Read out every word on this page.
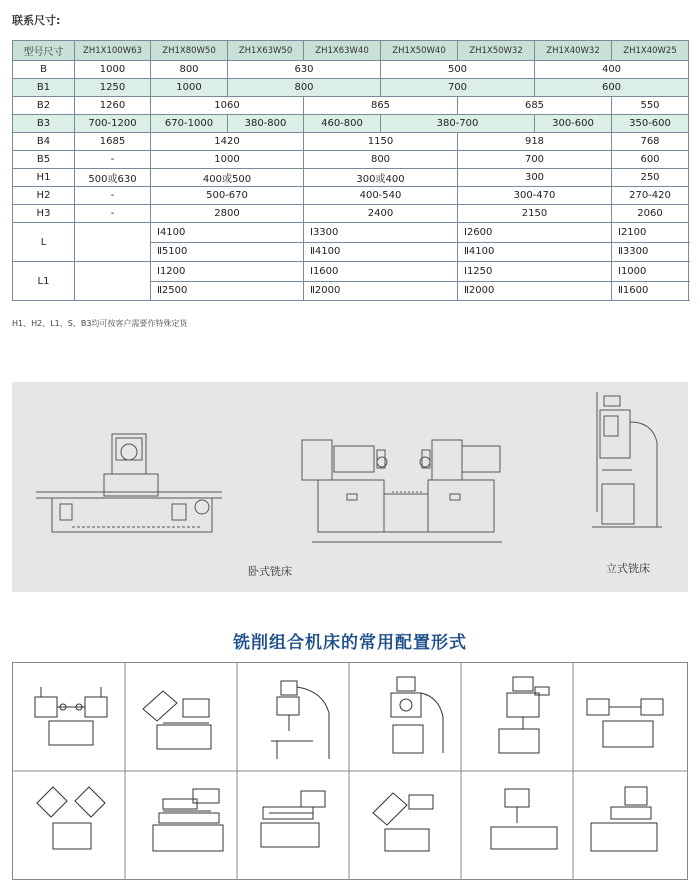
联系尺寸:
型号尺寸	ZH1X100W63	ZH1X80W50	ZH1X63W50	ZH1X63W40	ZH1X50W40	ZH1X50W32	ZH1X40W32	ZH1X40W25
B	1000	800	630		500		400	
B1	1250	1000	800		700		600	
B2	1260	1060		865		685		550
B3	700-1200	670-1000	380-800	460-800	380-700		300-600	350-600
B4	1685	1420		1150		918		768
B5	-	1000		800		700		600
H1	500或630	400或500		300或400		300		250
H2	-	500-670		400-540		300-470		270-420
H3	-	2800		2400		2150		2060
L		Ⅰ4100		Ⅰ3300		Ⅰ2600		Ⅰ2100
		Ⅱ5100		Ⅱ4100		Ⅱ4100		Ⅱ3300
L1		Ⅰ1200		Ⅰ1600		Ⅰ1250		Ⅰ1000
		Ⅱ2500		Ⅱ2000		Ⅱ2000		Ⅱ1600
H1、H2、L1、S、B3均可按客户需要作特殊定货
卧式铣床	立式铣床
铣削组合机床的常用配置形式
